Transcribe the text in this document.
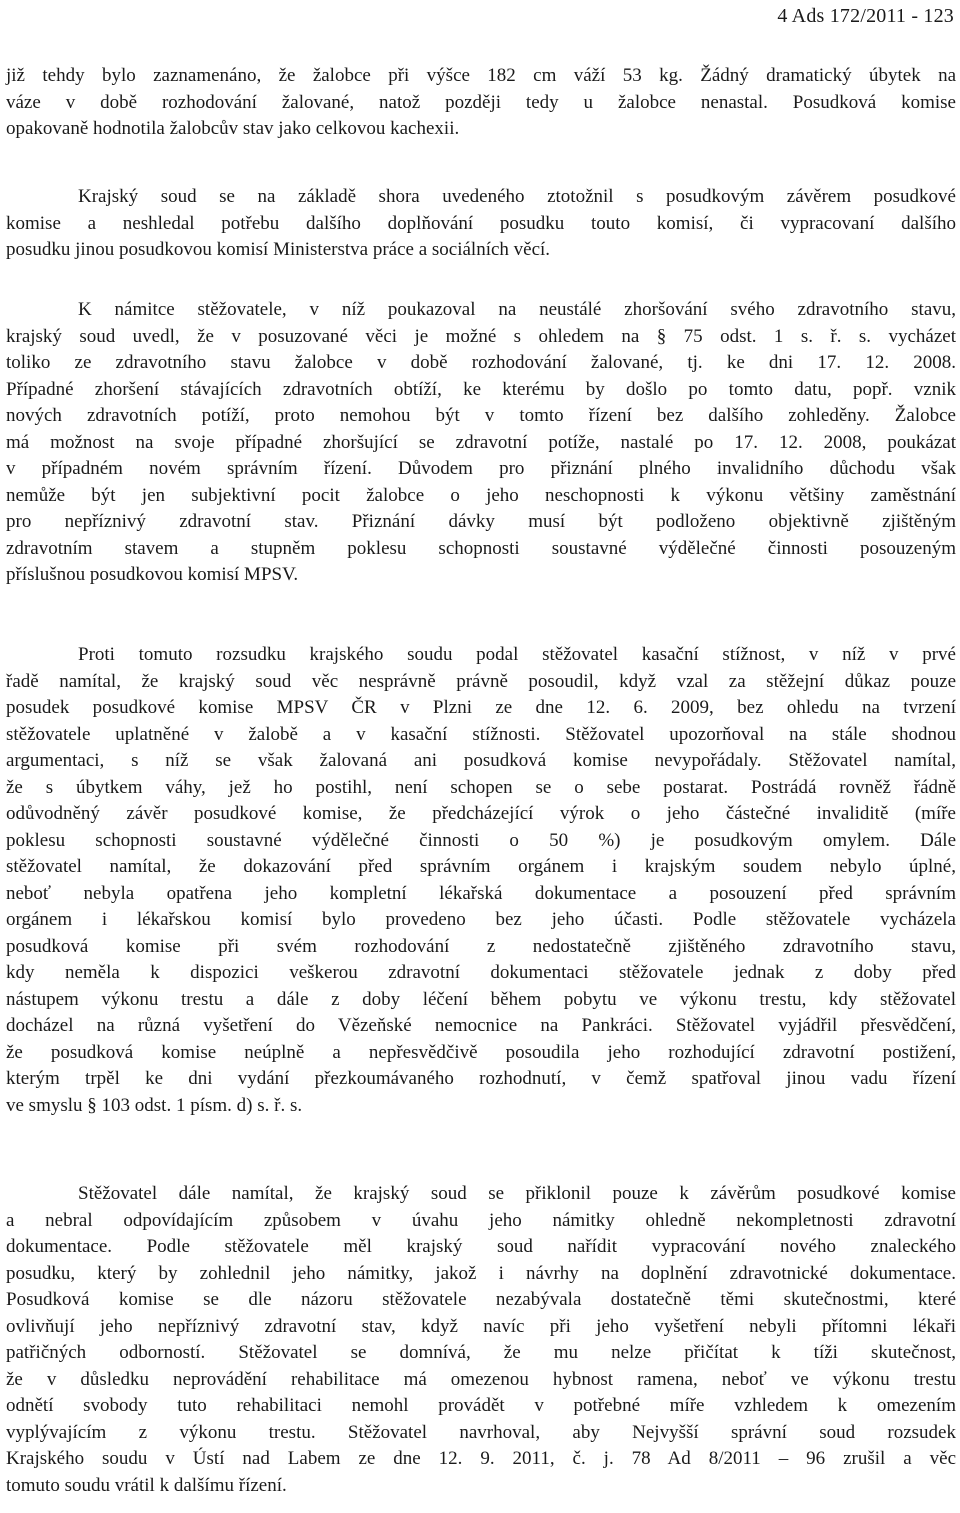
4 Ads 172/2011 - 123
již tehdy bylo zaznamenáno, že žalobce při výšce 182 cm váží 53 kg. Žádný dramatický úbytek na
váze v době rozhodování žalované, natož později tedy u žalobce nenastal. Posudková komise
opakovaně hodnotila žalobcův stav jako celkovou kachexii.
Krajský soud se na základě shora uvedeného ztotožnil s posudkovým závěrem posudkové
komise a neshledal potřebu dalšího doplňování posudku touto komisí, či vypracovaní dalšího
posudku jinou posudkovou komisí Ministerstva práce a sociálních věcí.
K námitce stěžovatele, v níž poukazoval na neustálé zhoršování svého zdravotního stavu,
krajský soud uvedl, že v posuzované věci je možné s ohledem na § 75 odst. 1 s. ř. s. vycházet
toliko ze zdravotního stavu žalobce v době rozhodování žalované, tj. ke dni 17. 12. 2008.
Případné zhoršení stávajících zdravotních obtíží, ke kterému by došlo po tomto datu, popř. vznik
nových zdravotních potíží, proto nemohou být v tomto řízení bez dalšího zohleděny. Žalobce
má možnost na svoje případné zhoršující se zdravotní potíže, nastalé po 17. 12. 2008, poukázat
v případném novém správním řízení. Důvodem pro přiznání plného invalidního důchodu však
nemůže být jen subjektivní pocit žalobce o jeho neschopnosti k výkonu většiny zaměstnání
pro nepříznivý zdravotní stav. Přiznání dávky musí být podloženo objektivně zjištěným
zdravotním stavem a stupněm poklesu schopnosti soustavné výdělečné činnosti posouzeným
příslušnou posudkovou komisí MPSV.
Proti tomuto rozsudku krajského soudu podal stěžovatel kasační stížnost, v níž v prvé
řadě namítal, že krajský soud věc nesprávně právně posoudil, když vzal za stěžejní důkaz pouze
posudek posudkové komise MPSV ČR v Plzni ze dne 12. 6. 2009, bez ohledu na tvrzení
stěžovatele uplatněné v žalobě a v kasační stížnosti. Stěžovatel upozorňoval na stále shodnou
argumentaci, s níž se však žalovaná ani posudková komise nevypořádaly. Stěžovatel namítal,
že s úbytkem váhy, jež ho postihl, není schopen se o sebe postarat. Postrádá rovněž řádně
odůvodněný závěr posudkové komise, že předcházející výrok o jeho částečné invaliditě (míře
poklesu schopnosti soustavné výdělečné činnosti o 50 %) je posudkovým omylem. Dále
stěžovatel namítal, že dokazování před správním orgánem i krajským soudem nebylo úplné,
neboť nebyla opatřena jeho kompletní lékařská dokumentace a posouzení před správním
orgánem i lékařskou komisí bylo provedeno bez jeho účasti. Podle stěžovatele vycházela
posudková komise při svém rozhodování z nedostatečně zjištěného zdravotního stavu,
kdy neměla k dispozici veškerou zdravotní dokumentaci stěžovatele jednak z doby před
nástupem výkonu trestu a dále z doby léčení během pobytu ve výkonu trestu, kdy stěžovatel
docházel na různá vyšetření do Vězeňské nemocnice na Pankráci. Stěžovatel vyjádřil přesvědčení,
že posudková komise neúplně a nepřesvědčivě posoudila jeho rozhodující zdravotní postižení,
kterým trpěl ke dni vydání přezkoumávaného rozhodnutí, v čemž spatřoval jinou vadu řízení
ve smyslu § 103 odst. 1 písm. d) s. ř. s.
Stěžovatel dále namítal, že krajský soud se přiklonil pouze k závěrům posudkové komise
a nebral odpovídajícím způsobem v úvahu jeho námitky ohledně nekompletnosti zdravotní
dokumentace. Podle stěžovatele měl krajský soud nařídit vypracování nového znaleckého
posudku, který by zohlednil jeho námitky, jakož i návrhy na doplnění zdravotnické dokumentace.
Posudková komise se dle názoru stěžovatele nezabývala dostatečně těmi skutečnostmi, které
ovlivňují jeho nepříznivý zdravotní stav, když navíc při jeho vyšetření nebyli přítomni lékaři
patřičných odborností. Stěžovatel se domnívá, že mu nelze přičítat k tíži skutečnost,
že v důsledku neprovádění rehabilitace má omezenou hybnost ramena, neboť ve výkonu trestu
odnětí svobody tuto rehabilitaci nemohl provádět v potřebné míře vzhledem k omezením
vyplývajícím z výkonu trestu. Stěžovatel navrhoval, aby Nejvyšší správní soud rozsudek
Krajského soudu v Ústí nad Labem ze dne 12. 9. 2011, č. j. 78 Ad 8/2011 – 96 zrušil a věc
tomuto soudu vrátil k dalšímu řízení.
